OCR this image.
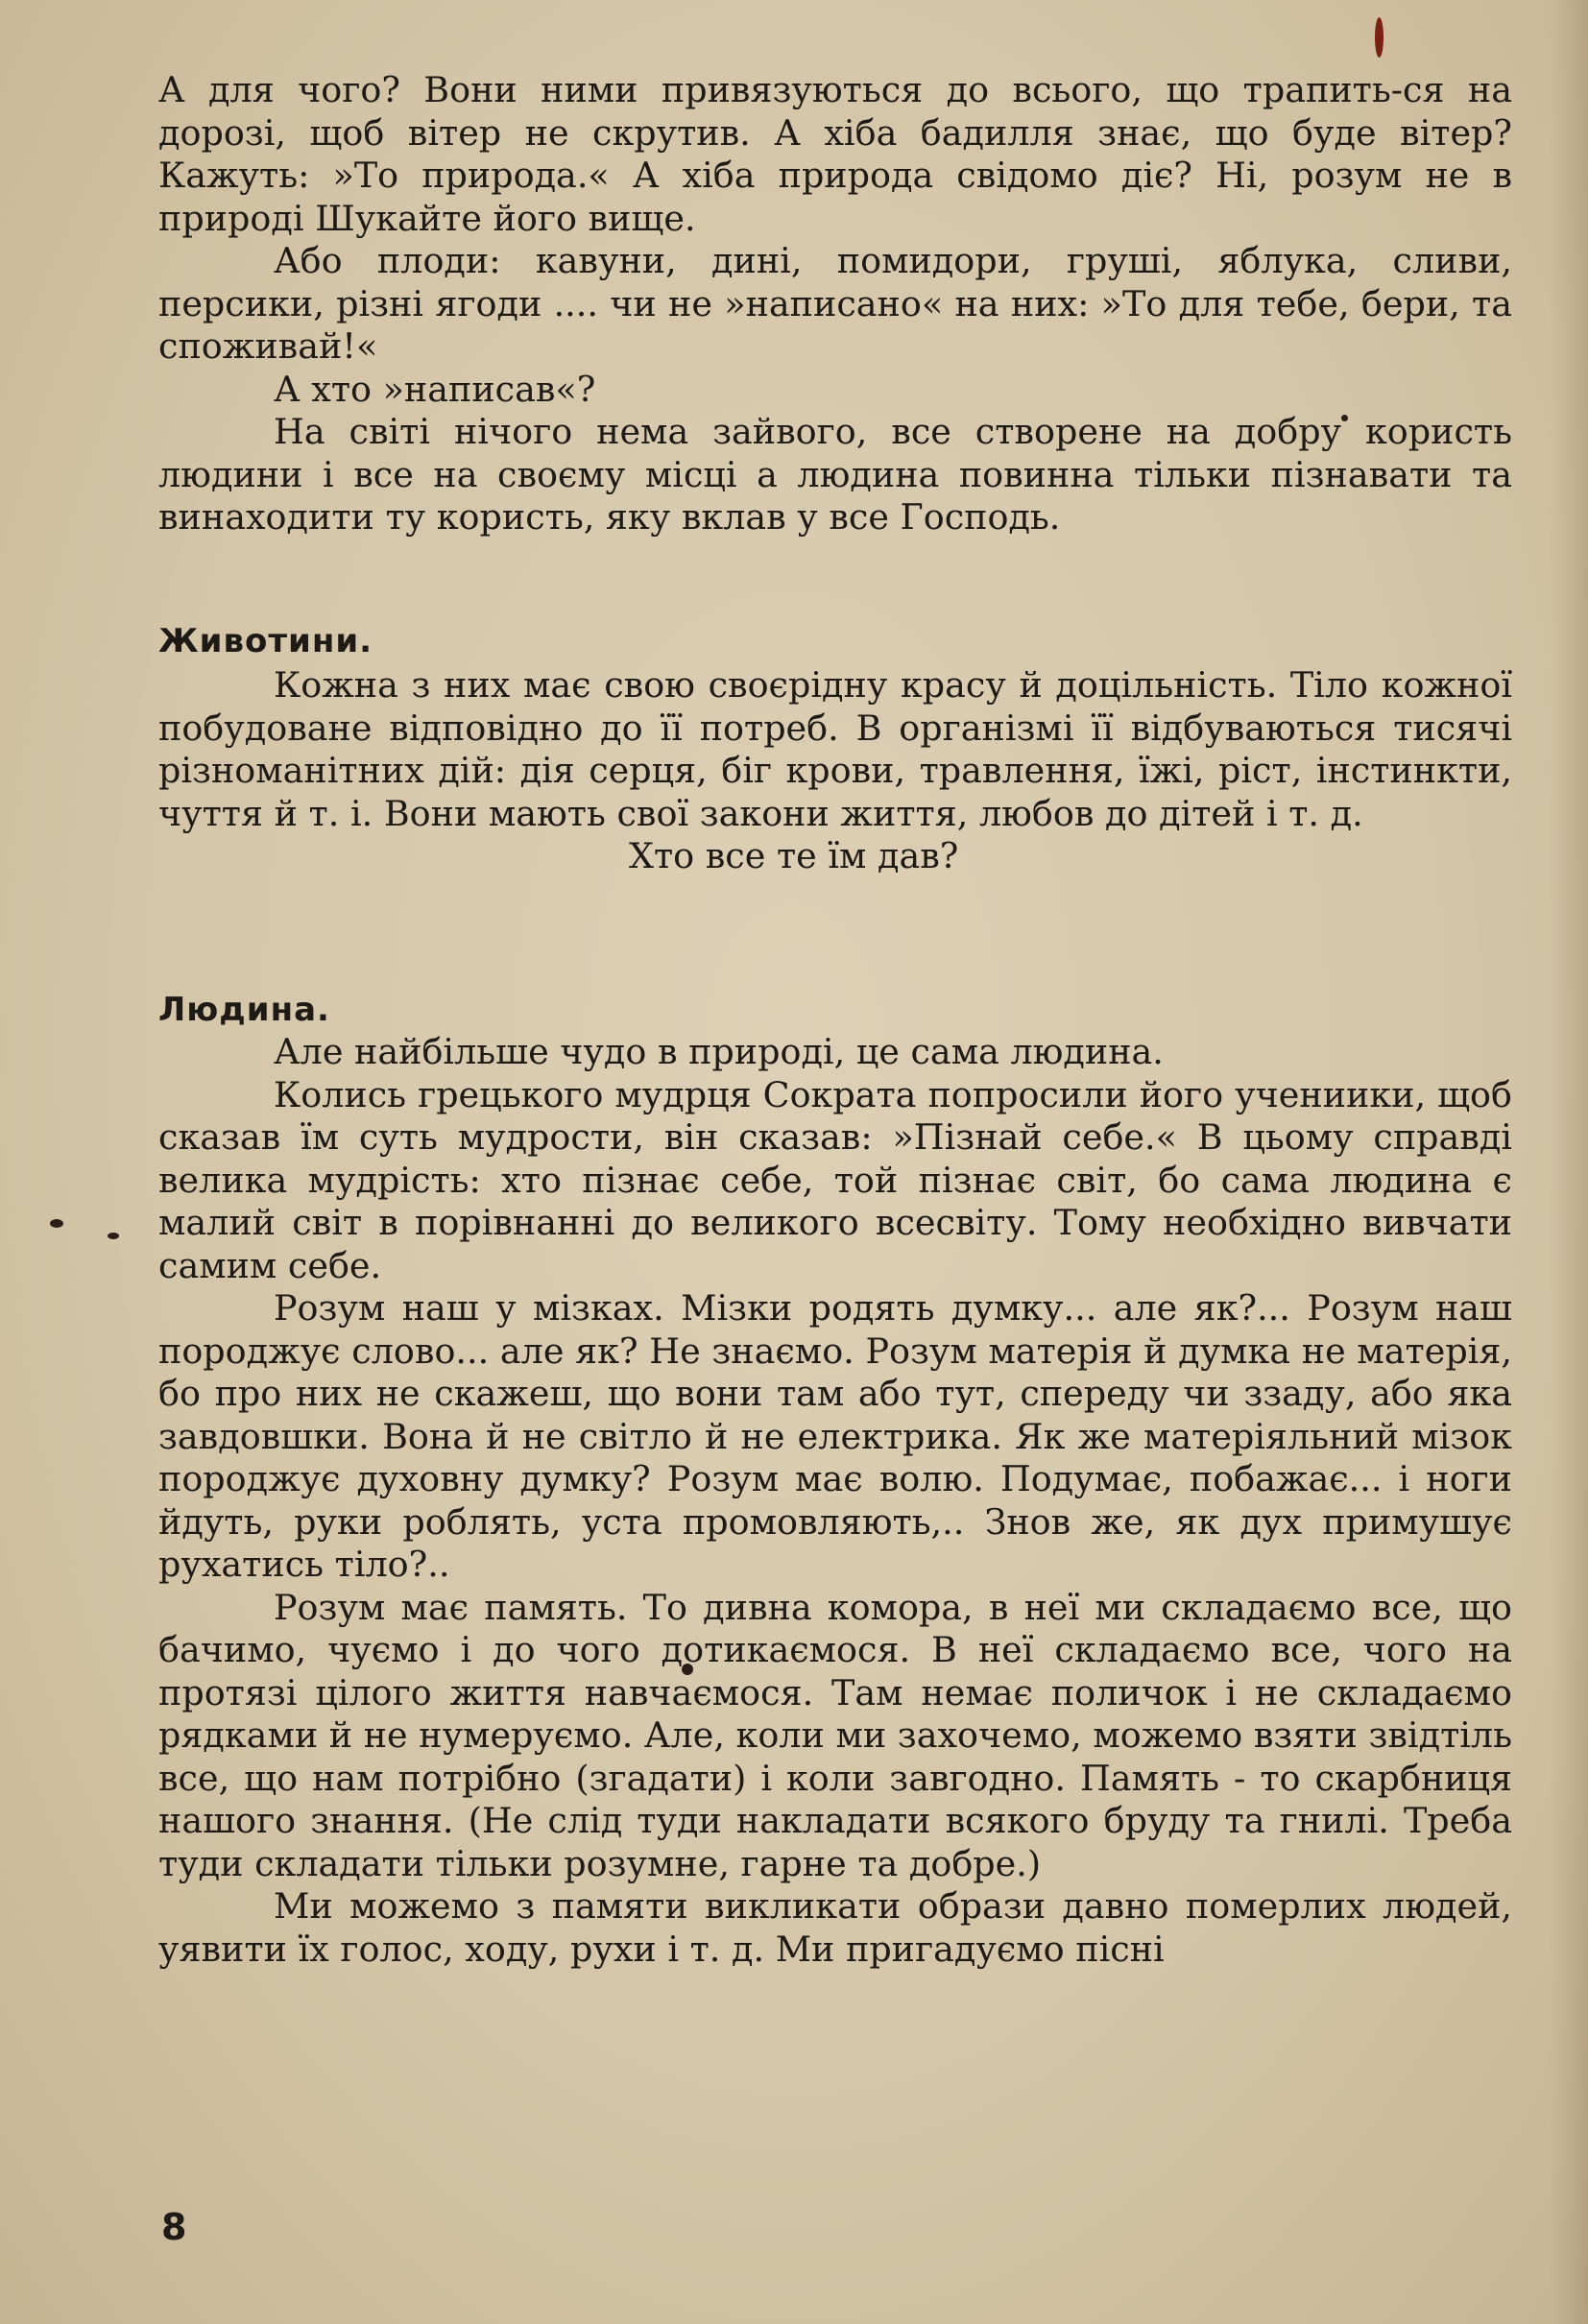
А для чого? Вони ними привязуються до всього, що трапить-ся на дорозі, щоб вітер не скрутив. А хіба бадилля знає, що буде вітер? Кажуть: »То природа.« А хіба природа свідомо діє? Ні, розум не в природі Шукайте його вище.

Або плоди: кавуни, дині, помидори, груші, яблука, сливи, персики, різні ягоди .... чи не »написано« на них: »То для тебе, бери, та споживай!«

А хто »написав«?

На світі нічого нема зайвого, все створене на добру користь людини і все на своєму місці а людина повинна тільки пізнавати та винаходити ту користь, яку вклав у все Господь.

Животини.

Кожна з них має свою своєрідну красу й доцільність. Тіло кожної побудоване відповідно до її потреб. В організмі її відбуваються тисячі різноманітних дій: дія серця, біг крови, травлення, їжі, ріст, інстинкти, чуття й т. і. Вони мають свої закони життя, любов до дітей і т. д.

Хто все те їм дав?

Людина.

Але найбільше чудо в природі, це сама людина.

Колись грецького мудрця Сократа попросили його учениики, щоб сказав їм суть мудрости, він сказав: »Пізнай себе.« В цьому справді велика мудрість: хто пізнає себе, той пізнає світ, бо сама людина є малий світ в порівнанні до великого всесвіту. Тому необхідно вивчати самим себе.

Розум наш у мізках. Мізки родять думку... але як?... Розум наш породжує слово... але як? Не знаємо. Розум матерія й думка не матерія, бо про них не скажеш, що вони там або тут, спереду чи ззаду, або яка завдовшки. Вона й не світло й не електрика. Як же матеріяльний мізок породжує духовну думку? Розум має волю. Подумає, побажає... і ноги йдуть, руки роблять, уста промовляють,.. Знов же, як дух примушує рухатись тіло?..

Розум має память. То дивна комора, в неї ми складаємо все, що бачимо, чуємо і до чого дотикаємося. В неї складаємо все, чого на протязі цілого життя навчаємося. Там немає поличок і не складаємо рядками й не нумеруємо. Але, коли ми захочемо, можемо взяти звідтіль все, що нам потрібно (згадати) і коли завгодно. Память - то скарбниця нашого знання. (Не слід туди накладати всякого бруду та гнилі. Треба туди складати тільки розумне, гарне та добре.)

Ми можемо з памяти викликати образи давно померлих людей, уявити їх голос, ходу, рухи і т. д. Ми пригадуємо пісні

8
